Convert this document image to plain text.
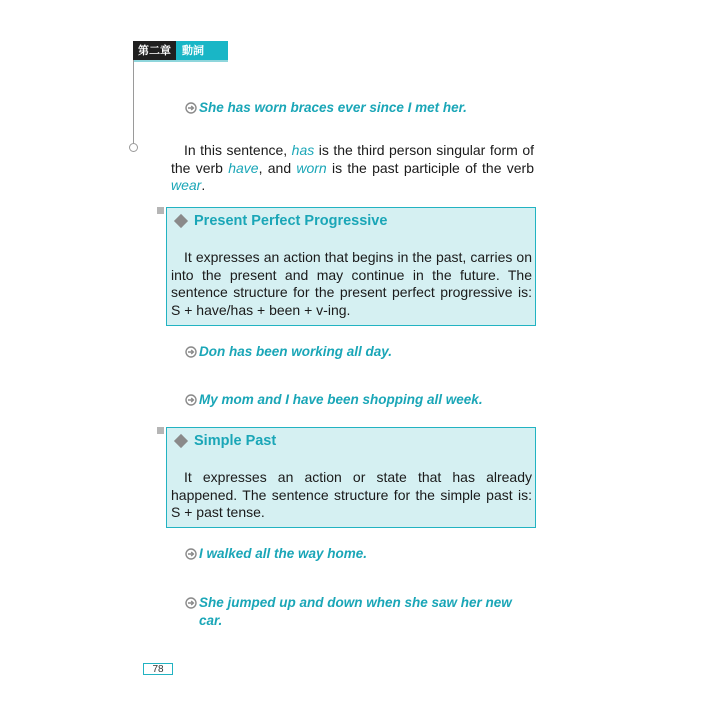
第二章	動詞
She has worn braces ever since I met her.
In this sentence, has is the third person singular form of the verb have, and worn is the past participle of the verb wear.
Present Perfect Progressive
It expresses an action that begins in the past, carries on into the present and may continue in the future. The sentence structure for the present perfect progressive is: S + have/has + been + v-ing.
Don has been working all day.
My mom and I have been shopping all week.
Simple Past
It expresses an action or state that has already happened. The sentence structure for the simple past is: S + past tense.
I walked all the way home.
She jumped up and down when she saw her new car.
78
